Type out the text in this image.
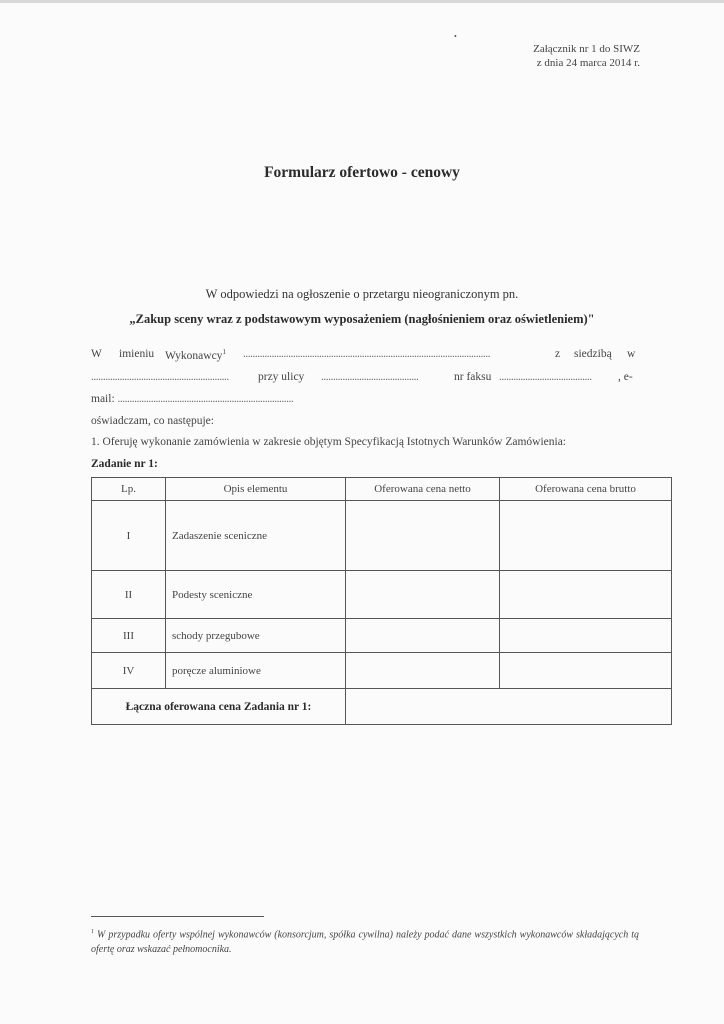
•
Załącznik nr 1 do SIWZ
z dnia 24 marca 2014 r.
Formularz ofertowo - cenowy
W odpowiedzi na ogłoszenie o przetargu nieograniczonym pn.
„Zakup sceny wraz z podstawowym wyposażeniem (nagłośnieniem oraz oświetleniem)"
W imieniu Wykonawcy$^1$ ........................................................................................................	z siedzibą w
..........................................................	przy ulicy .........................................	nr faksu ....................................... , e-
mail: ..........................................................................
oświadczam, co następuje:
1. Oferuję wykonanie zamówienia w zakresie objętym Specyfikacją Istotnych Warunków Zamówienia:
Zadanie nr 1:
Lp.	Opis elementu	Oferowana cena netto	Oferowana cena brutto
I	Zadaszenie sceniczne		
II	Podesty sceniczne		
III	schody przegubowe		
IV	poręcze aluminiowe		
Łączna oferowana cena Zadania nr 1:			
$^1$ W przypadku oferty wspólnej wykonawców (konsorcjum, spółka cywilna) należy podać dane wszystkich wykonawców składających tą ofertę oraz wskazać pełnomocnika.
